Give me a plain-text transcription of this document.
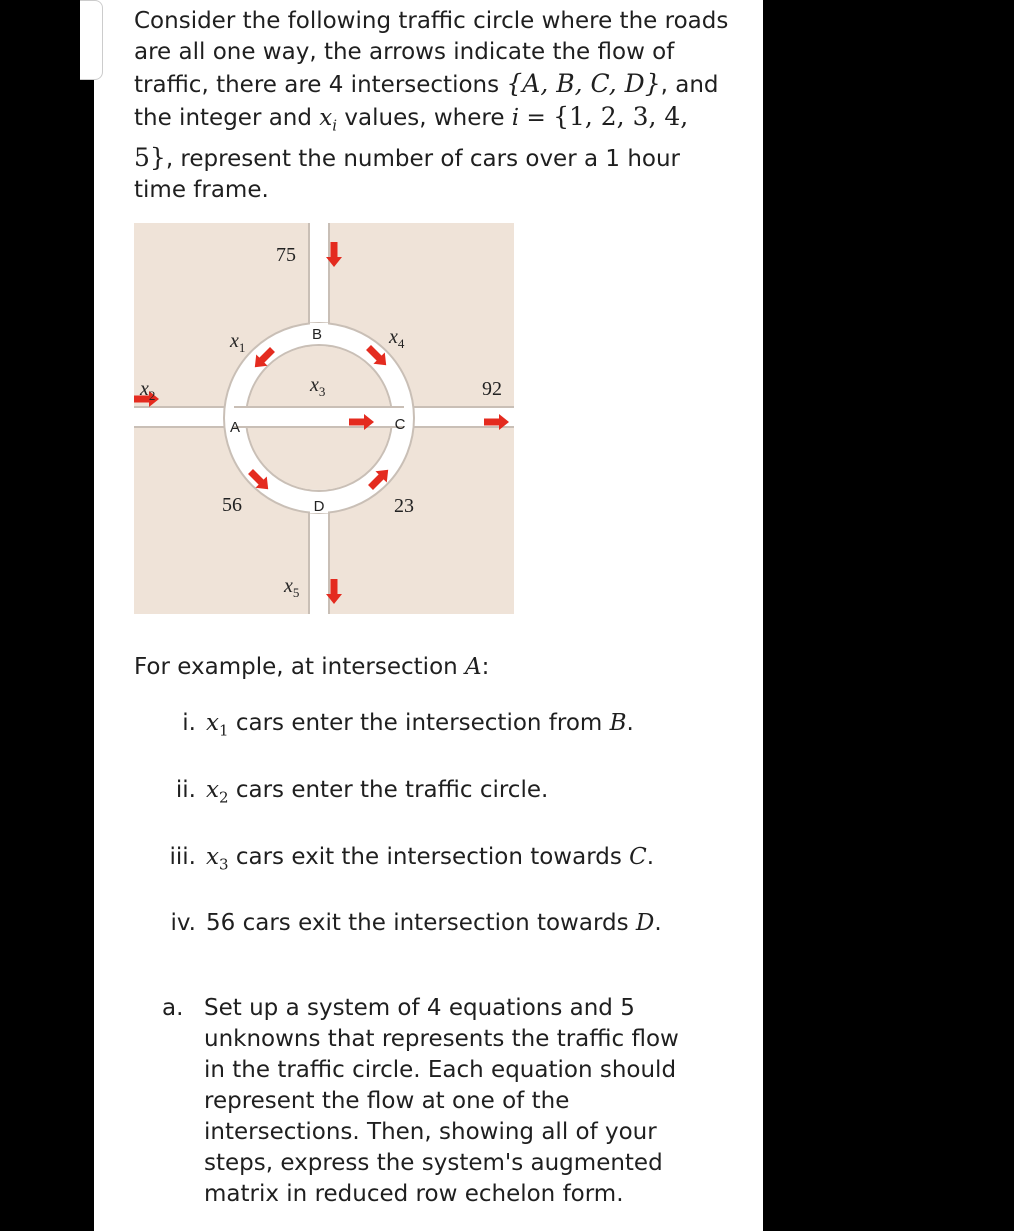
Consider the following traffic circle where the roads are all one way, the arrows indicate the flow of traffic, there are 4 intersections {A, B, C, D}, and the integer and $x_i$ values, where i = {1, 2, 3, 4, 5}, represent the number of cars over a 1 hour time frame.
B
A	C
D
75
92
56	23
$x_1$
$x_2$	$x_3$
$x_4$
$x_5$
For example, at intersection A:
i. $x_1$ cars enter the intersection from B.
ii. $x_2$ cars enter the traffic circle.
iii. $x_3$ cars exit the intersection towards C.
iv. 56 cars exit the intersection towards D.
a. Set up a system of 4 equations and 5 unknowns that represents the traffic flow in the traffic circle. Each equation should represent the flow at one of the intersections. Then, showing all of your steps, express the system's augmented matrix in reduced row echelon form.
